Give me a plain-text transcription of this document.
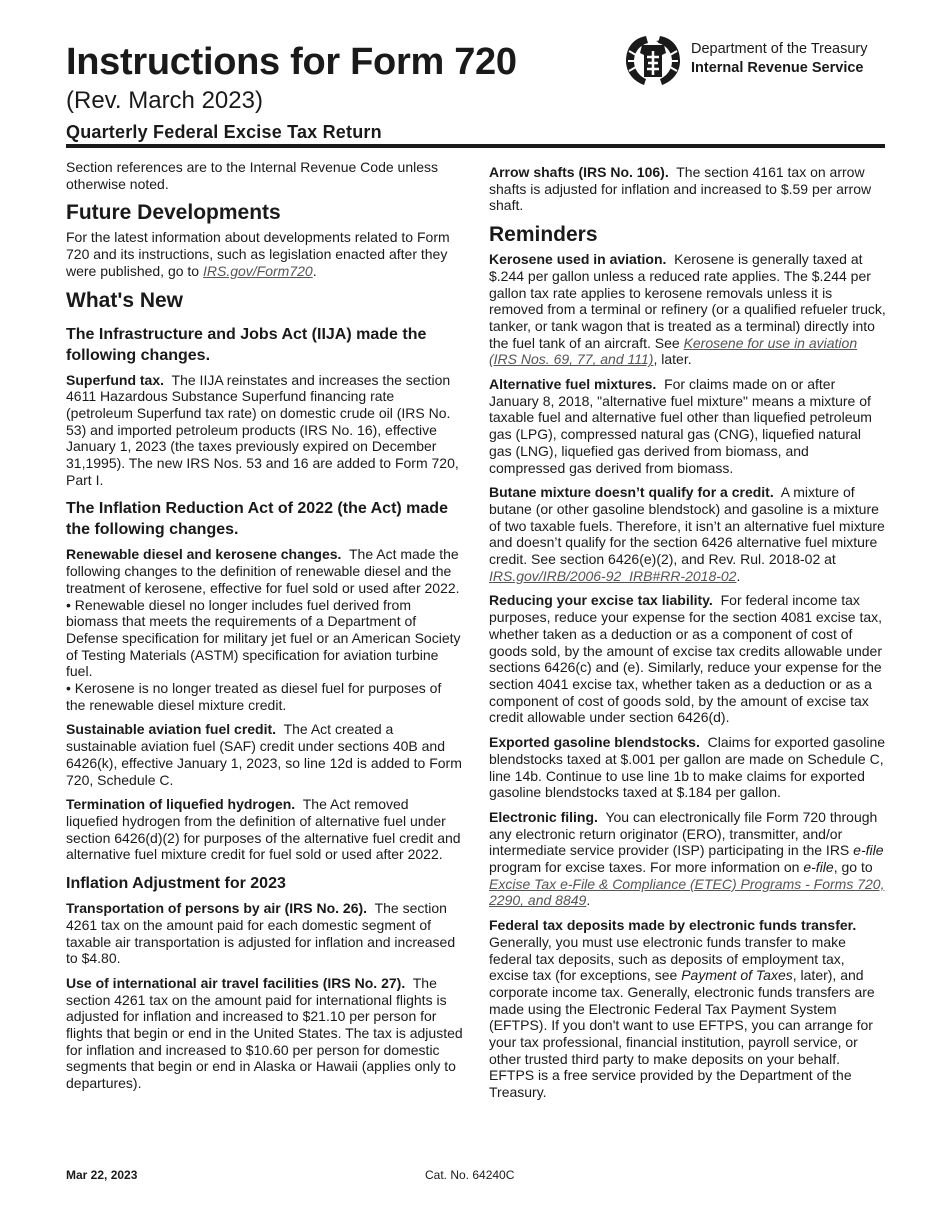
Instructions for Form 720
(Rev. March 2023)
Quarterly Federal Excise Tax Return
Department of the Treasury
Internal Revenue Service

Section references are to the Internal Revenue Code unless otherwise noted.

Future Developments

For the latest information about developments related to Form 720 and its instructions, such as legislation enacted after they were published, go to IRS.gov/Form720.

What's New
The Infrastructure and Jobs Act (IIJA) made the following changes.

Superfund tax. The IIJA reinstates and increases the section 4611 Hazardous Substance Superfund financing rate (petroleum Superfund tax rate) on domestic crude oil (IRS No. 53) and imported petroleum products (IRS No. 16), effective January 1, 2023 (the taxes previously expired on December 31,1995). The new IRS Nos. 53 and 16 are added to Form 720, Part I.

The Inflation Reduction Act of 2022 (the Act) made the following changes.

Renewable diesel and kerosene changes. The Act made the following changes to the definition of renewable diesel and the treatment of kerosene, effective for fuel sold or used after 2022.

• Renewable diesel no longer includes fuel derived from biomass that meets the requirements of a Department of Defense specification for military jet fuel or an American Society of Testing Materials (ASTM) specification for aviation turbine fuel.

• Kerosene is no longer treated as diesel fuel for purposes of the renewable diesel mixture credit.

Sustainable aviation fuel credit. The Act created a sustainable aviation fuel (SAF) credit under sections 40B and 6426(k), effective January 1, 2023, so line 12d is added to Form 720, Schedule C.

Termination of liquefied hydrogen. The Act removed liquefied hydrogen from the definition of alternative fuel under section 6426(d)(2) for purposes of the alternative fuel credit and alternative fuel mixture credit for fuel sold or used after 2022.

Inflation Adjustment for 2023

Transportation of persons by air (IRS No. 26). The section 4261 tax on the amount paid for each domestic segment of taxable air transportation is adjusted for inflation and increased to $4.80.

Use of international air travel facilities (IRS No. 27). The section 4261 tax on the amount paid for international flights is adjusted for inflation and increased to $21.10 per person for flights that begin or end in the United States. The tax is adjusted for inflation and increased to $10.60 per person for domestic segments that begin or end in Alaska or Hawaii (applies only to departures).

Arrow shafts (IRS No. 106). The section 4161 tax on arrow shafts is adjusted for inflation and increased to $.59 per arrow shaft.

Reminders

Kerosene used in aviation. Kerosene is generally taxed at $.244 per gallon unless a reduced rate applies. The $.244 per gallon tax rate applies to kerosene removals unless it is removed from a terminal or refinery (or a qualified refueler truck, tanker, or tank wagon that is treated as a terminal) directly into the fuel tank of an aircraft. See Kerosene for use in aviation (IRS Nos. 69, 77, and 111), later.

Alternative fuel mixtures. For claims made on or after January 8, 2018, "alternative fuel mixture" means a mixture of taxable fuel and alternative fuel other than liquefied petroleum gas (LPG), compressed natural gas (CNG), liquefied natural gas (LNG), liquefied gas derived from biomass, and compressed gas derived from biomass.

Butane mixture doesn’t qualify for a credit. A mixture of butane (or other gasoline blendstock) and gasoline is a mixture of two taxable fuels. Therefore, it isn’t an alternative fuel mixture and doesn’t qualify for the section 6426 alternative fuel mixture credit. See section 6426(e)(2), and Rev. Rul. 2018-02 at IRS.gov/IRB/2006-92_IRB#RR-2018-02.

Reducing your excise tax liability. For federal income tax purposes, reduce your expense for the section 4081 excise tax, whether taken as a deduction or as a component of cost of goods sold, by the amount of excise tax credits allowable under sections 6426(c) and (e). Similarly, reduce your expense for the section 4041 excise tax, whether taken as a deduction or as a component of cost of goods sold, by the amount of excise tax credit allowable under section 6426(d).

Exported gasoline blendstocks. Claims for exported gasoline blendstocks taxed at $.001 per gallon are made on Schedule C, line 14b. Continue to use line 1b to make claims for exported gasoline blendstocks taxed at $.184 per gallon.

Electronic filing. You can electronically file Form 720 through any electronic return originator (ERO), transmitter, and/or intermediate service provider (ISP) participating in the IRS e-file program for excise taxes. For more information on e-file, go to Excise Tax e-File & Compliance (ETEC) Programs - Forms 720, 2290, and 8849.

Federal tax deposits made by electronic funds transfer. Generally, you must use electronic funds transfer to make federal tax deposits, such as deposits of employment tax, excise tax (for exceptions, see Payment of Taxes, later), and corporate income tax. Generally, electronic funds transfers are made using the Electronic Federal Tax Payment System (EFTPS). If you don't want to use EFTPS, you can arrange for your tax professional, financial institution, payroll service, or other trusted third party to make deposits on your behalf. EFTPS is a free service provided by the Department of the Treasury.

Mar 22, 2023	Cat. No. 64240C
